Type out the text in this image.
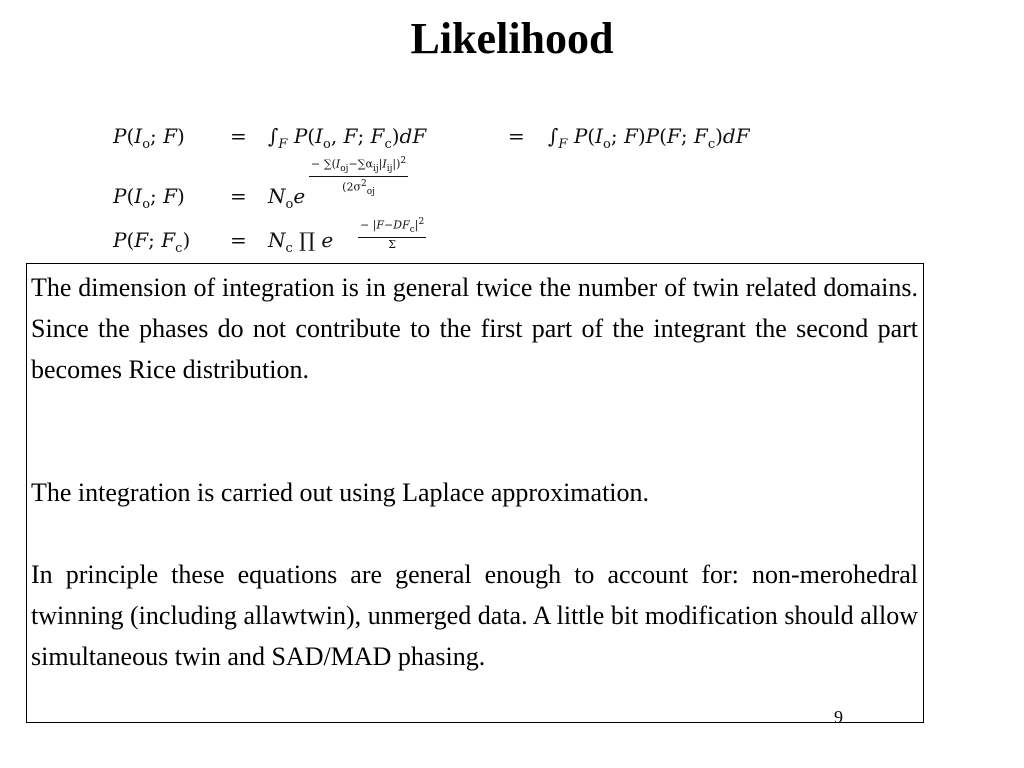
Likelihood
$P(I_o$; $F) = \int_F$ $P(I_o$, F; $F_c)dF$	= $\int_F$ $P(I_o$; F)P(F; $F_c)dF$
$P(I_o$; $F) = N_oe$
− $\sum(I_{oj}-\sum\alpha_{ij}|I_{ij}|)^2$
($2\sigma^2_{oj}$
P(F; $F_c) = N_c$ ∏ e
− $|F-DF_c|^2$
Σ

The dimension of integration is in general twice the number of twin related domains. Since the phases do not contribute to the first part of the integrant the second part becomes Rice distribution.

The integration is carried out using Laplace approximation.

In principle these equations are general enough to account for: non-merohedral twinning (including allawtwin), unmerged data. A little bit modification should allow simultaneous twin and SAD/MAD phasing.

9
